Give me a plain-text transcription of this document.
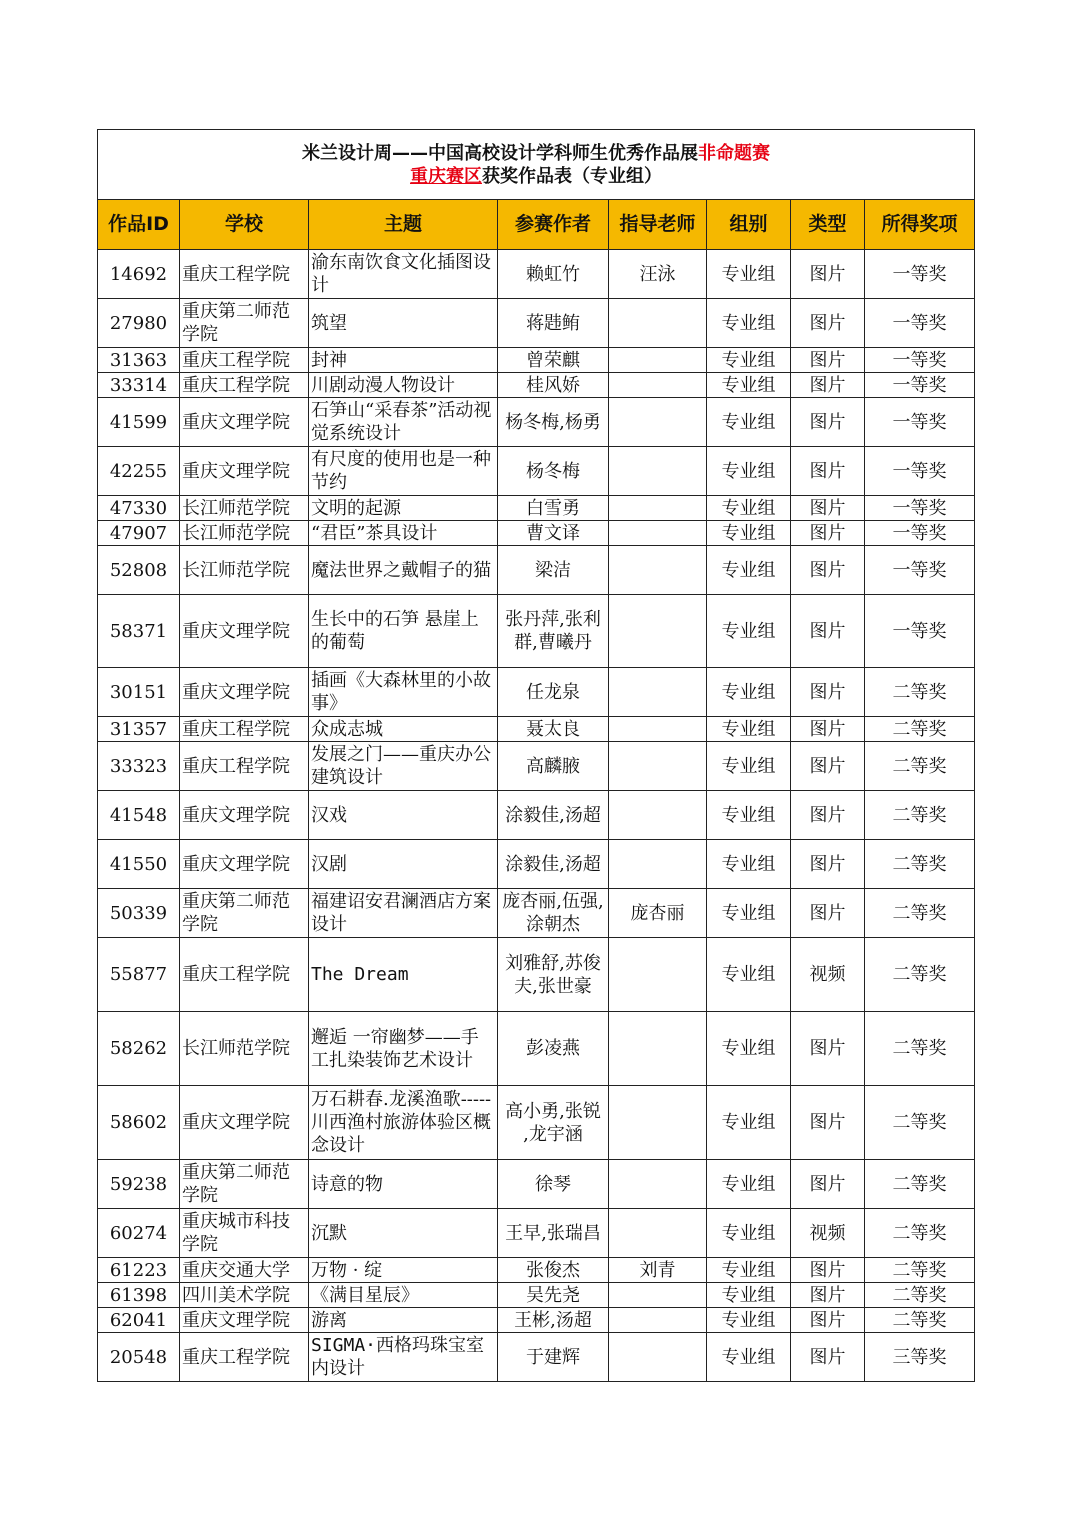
米兰设计周——中国高校设计学科师生优秀作品展非命题赛
重庆赛区获奖作品表（专业组）							

作品ID	学校	主题	参赛作者	指导老师	组别	类型	所得奖项
14692	重庆工程学院	渝东南饮食文化插图设计	赖虹竹	汪泳	专业组	图片	一等奖
27980	重庆第二师范学院	筑望	蒋韪鲔		专业组	图片	一等奖
31363	重庆工程学院	封神	曾荣麒		专业组	图片	一等奖
33314	重庆工程学院	川剧动漫人物设计	桂风娇		专业组	图片	一等奖
41599	重庆文理学院	石笋山“采春茶”活动视觉系统设计	杨冬梅,杨勇		专业组	图片	一等奖
42255	重庆文理学院	有尺度的使用也是一种节约	杨冬梅		专业组	图片	一等奖
47330	长江师范学院	文明的起源	白雪勇		专业组	图片	一等奖
47907	长江师范学院	“君臣”茶具设计	曹文译		专业组	图片	一等奖
52808	长江师范学院	魔法世界之戴帽子的猫	梁洁		专业组	图片	一等奖
58371	重庆文理学院	生长中的石笋 悬崖上的葡萄	张丹萍,张利群,曹曦丹		专业组	图片	一等奖
30151	重庆文理学院	插画《大森林里的小故事》	任龙泉		专业组	图片	二等奖
31357	重庆工程学院	众成志城	聂太良		专业组	图片	二等奖
33323	重庆工程学院	发展之门——重庆办公建筑设计	高麟腋		专业组	图片	二等奖
41548	重庆文理学院	汉戏	涂毅佳,汤超		专业组	图片	二等奖
41550	重庆文理学院	汉剧	涂毅佳,汤超		专业组	图片	二等奖
50339	重庆第二师范学院	福建诏安君澜酒店方案设计	庞杏丽,伍强,涂朝杰	庞杏丽	专业组	图片	二等奖
55877	重庆工程学院	The Dream	刘雅舒,苏俊夫,张世豪		专业组	视频	二等奖
58262	长江师范学院	邂逅 一帘幽梦——手工扎染装饰艺术设计	彭凌燕		专业组	图片	二等奖
58602	重庆文理学院	万石耕春.龙溪渔歌-----川西渔村旅游体验区概念设计	高小勇,张锐 ,龙宇涵		专业组	图片	二等奖
59238	重庆第二师范学院	诗意的物	徐琴		专业组	图片	二等奖
60274	重庆城市科技学院	沉默	王早,张瑞昌		专业组	视频	二等奖
61223	重庆交通大学	万物 · 绽	张俊杰	刘青	专业组	图片	二等奖
61398	四川美术学院	《满目星辰》	吴先尧		专业组	图片	二等奖
62041	重庆文理学院	游离	王彬,汤超		专业组	图片	二等奖
20548	重庆工程学院	SIGMA·西格玛珠宝室内设计	于建辉		专业组	图片	三等奖
